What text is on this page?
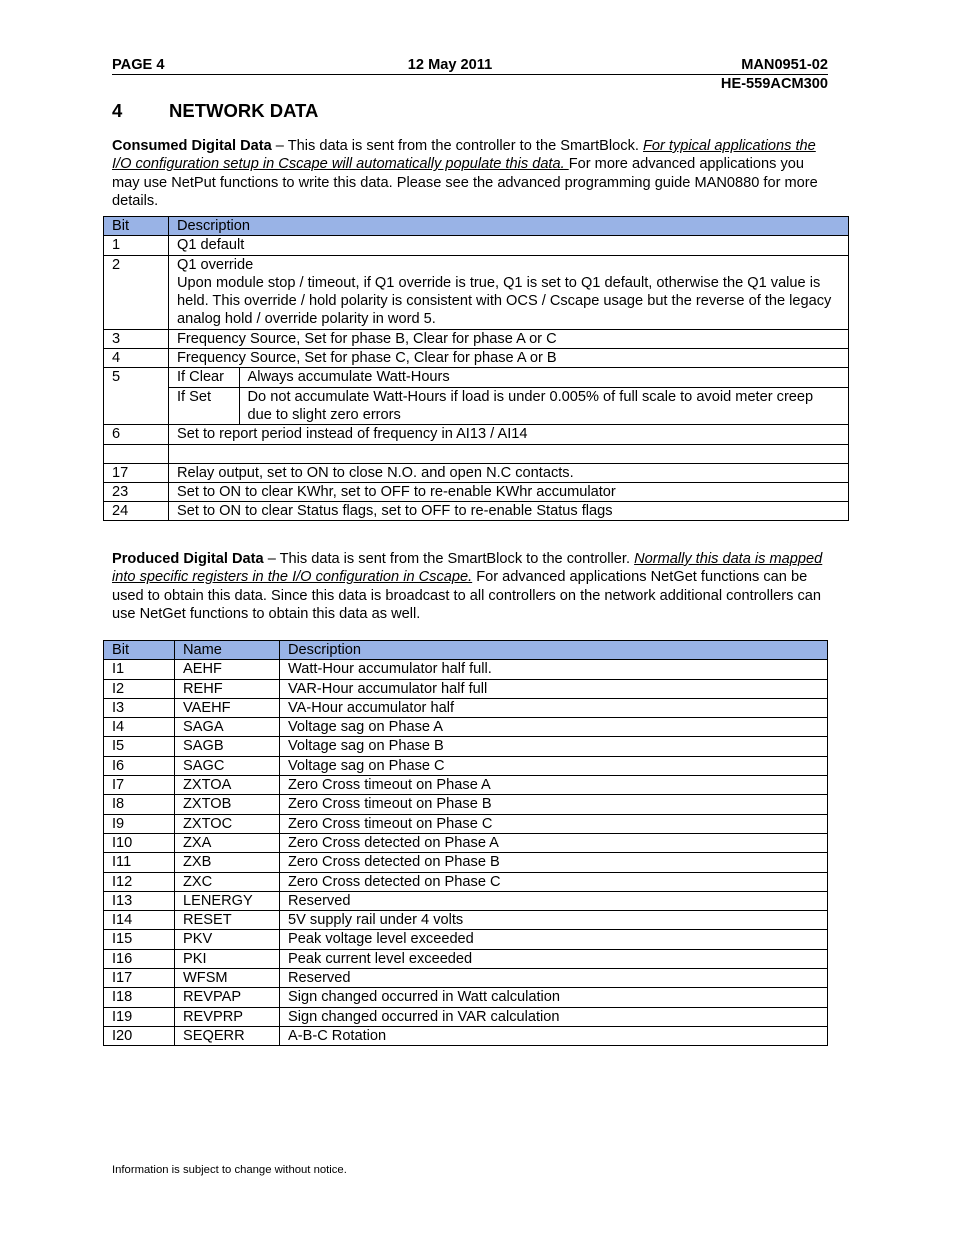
PAGE 4	12 May 2011	MAN0951-02
HE-559ACM300
4	NETWORK DATA
Consumed Digital Data – This data is sent from the controller to the SmartBlock. For typical applications the I/O configuration setup in Cscape will automatically populate this data. For more advanced applications you may use NetPut functions to write this data. Please see the advanced programming guide MAN0880 for more details.
Bit	Description
1	Q1 default

2	Q1 override
Upon module stop / timeout, if Q1 override is true, Q1 is set to Q1 default, otherwise the Q1 value is held. This override / hold polarity is consistent with OCS / Cscape usage but the reverse of the legacy analog hold / override polarity in word 5.

3	Frequency Source, Set for phase B, Clear for phase A or C

4	Frequency Source, Set for phase C, Clear for phase A or B

5		If Clear	Always accumulate Watt-Hours
If Set	Do not accumulate Watt-Hours if load is under 0.005% of full scale to avoid meter creep due to slight zero errors

6	Set to report period instead of frequency in AI13 / AI14

17	Relay output, set to ON to close N.O. and open N.C contacts.

23	Set to ON to clear KWhr, set to OFF to re-enable KWhr accumulator

24	Set to ON to clear Status flags, set to OFF to re-enable Status flags
Produced Digital Data – This data is sent from the SmartBlock to the controller. Normally this data is mapped into specific registers in the I/O configuration in Cscape. For advanced applications NetGet functions can be used to obtain this data. Since this data is broadcast to all controllers on the network additional controllers can use NetGet functions to obtain this data as well.
Bit	Name	Description
I1	AEHF	Watt-Hour accumulator half full.
I2	REHF	VAR-Hour accumulator half full
I3	VAEHF	VA-Hour accumulator half
I4	SAGA	Voltage sag on Phase A
I5	SAGB	Voltage sag on Phase B
I6	SAGC	Voltage sag on Phase C
I7	ZXTOA	Zero Cross timeout on Phase A
I8	ZXTOB	Zero Cross timeout on Phase B
I9	ZXTOC	Zero Cross timeout on Phase C
I10	ZXA	Zero Cross detected on Phase A
I11	ZXB	Zero Cross detected on Phase B
I12	ZXC	Zero Cross detected on Phase C
I13	LENERGY	Reserved
I14	RESET	5V supply rail under 4 volts
I15	PKV	Peak voltage level exceeded
I16	PKI	Peak current level exceeded
I17	WFSM	Reserved
I18	REVPAP	Sign changed occurred in Watt calculation
I19	REVPRP	Sign changed occurred in VAR calculation
I20	SEQERR	A-B-C Rotation
Information is subject to change without notice.
